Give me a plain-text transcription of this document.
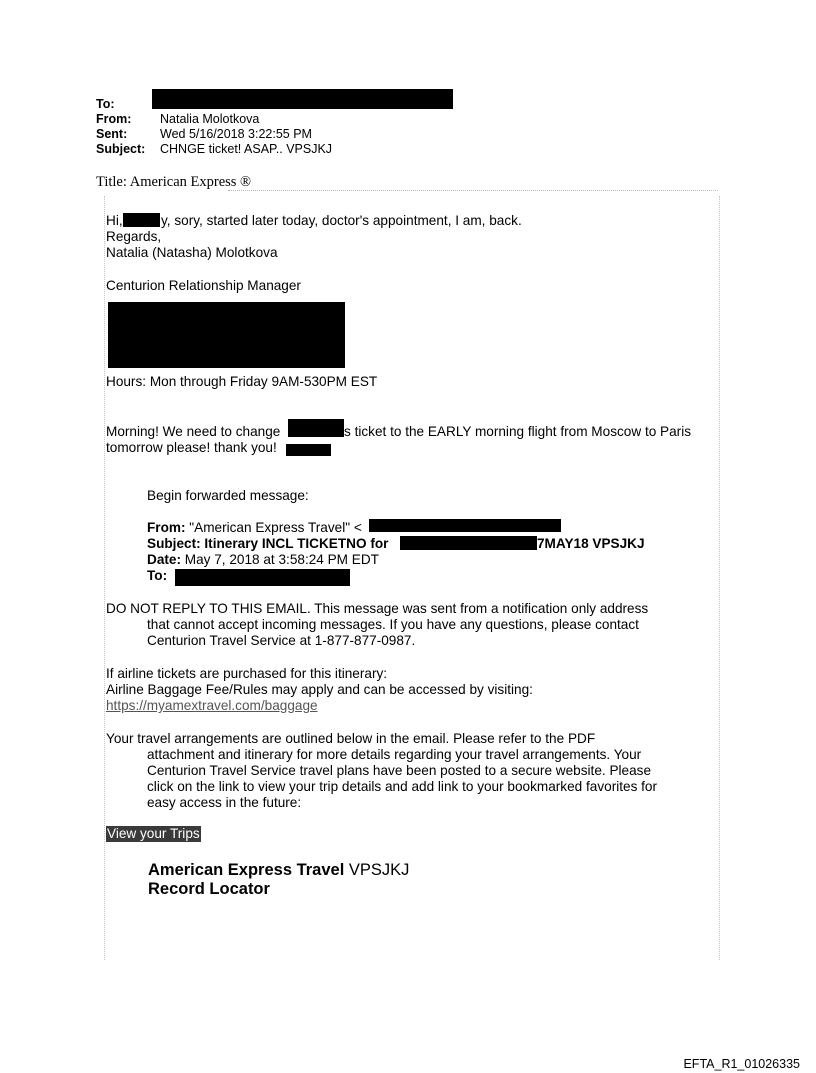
To:
From: Natalia Molotkova
Sent:	Wed 5/16/2018 3:22:55 PM
Subject: CHNGE ticket! ASAP.. VPSJKJ
Title: American Express ®
Hi,	y, sory, started later today, doctor's appointment, I am, back.
Regards,
Natalia (Natasha) Molotkova
Centurion Relationship Manager
Hours: Mon through Friday 9AM-530PM EST
Morning! We need to change	s ticket to the EARLY morning flight from Moscow to Paris
tomorrow please! thank you!
Begin forwarded message:
From: "American Express Travel" <
Subject: Itinerary INCL TICKETNO for	7MAY18 VPSJKJ
Date: May 7, 2018 at 3:58:24 PM EDT
To:
DO NOT REPLY TO THIS EMAIL. This message was sent from a notification only address
that cannot accept incoming messages. If you have any questions, please contact
Centurion Travel Service at 1-877-877-0987.
If airline tickets are purchased for this itinerary:
Airline Baggage Fee/Rules may apply and can be accessed by visiting:
https://myamextravel.com/baggage
Your travel arrangements are outlined below in the email. Please refer to the PDF
attachment and itinerary for more details regarding your travel arrangements. Your
Centurion Travel Service travel plans have been posted to a secure website. Please
click on the link to view your trip details and add link to your bookmarked favorites for
easy access in the future:
View your Trips
American Express Travel VPSJKJ
Record Locator
EFTA_R1_01026335
